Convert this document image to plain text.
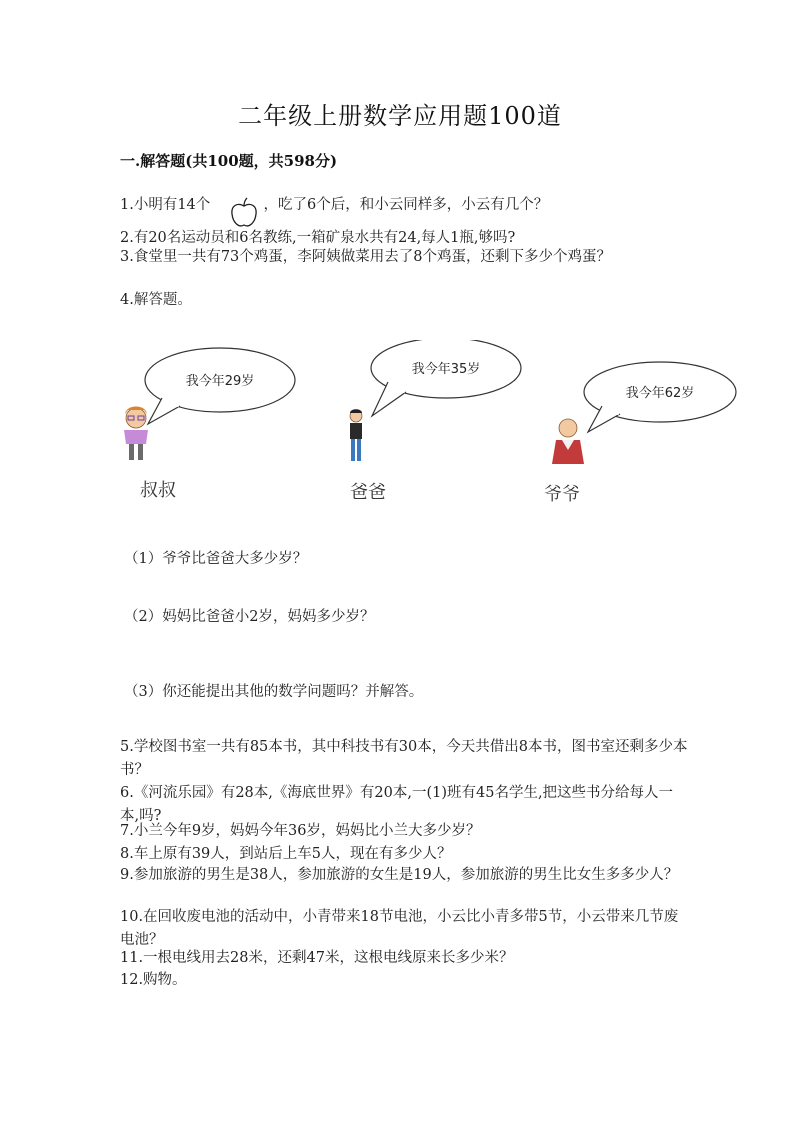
二年级上册数学应用题100道
一.解答题(共100题，共598分)
1.小明有14个	，吃了6个后，和小云同样多，小云有几个？
2.有20名运动员和6名教练,一箱矿泉水共有24,每人1瓶,够吗?
3.食堂里一共有73个鸡蛋，李阿姨做菜用去了8个鸡蛋，还剩下多少个鸡蛋？
4.解答题。
我今年29岁
我今年35岁
我今年62岁
叔叔	爸爸	爷爷
（1）爷爷比爸爸大多少岁？
（2）妈妈比爸爸小2岁，妈妈多少岁？
（3）你还能提出其他的数学问题吗？并解答。
5.学校图书室一共有85本书，其中科技书有30本，今天共借出8本书，图书室还剩多少本书？
6.《河流乐园》有28本,《海底世界》有20本,一(1)班有45名学生,把这些书分给每人一本,吗?
7.小兰今年9岁，妈妈今年36岁，妈妈比小兰大多少岁？
8.车上原有39人，到站后上车5人，现在有多少人？
9.参加旅游的男生是38人，参加旅游的女生是19人，参加旅游的男生比女生多多少人？
10.在回收废电池的活动中，小青带来18节电池，小云比小青多带5节，小云带来几节废电池？
11.一根电线用去28米，还剩47米，这根电线原来长多少米？
12.购物。
